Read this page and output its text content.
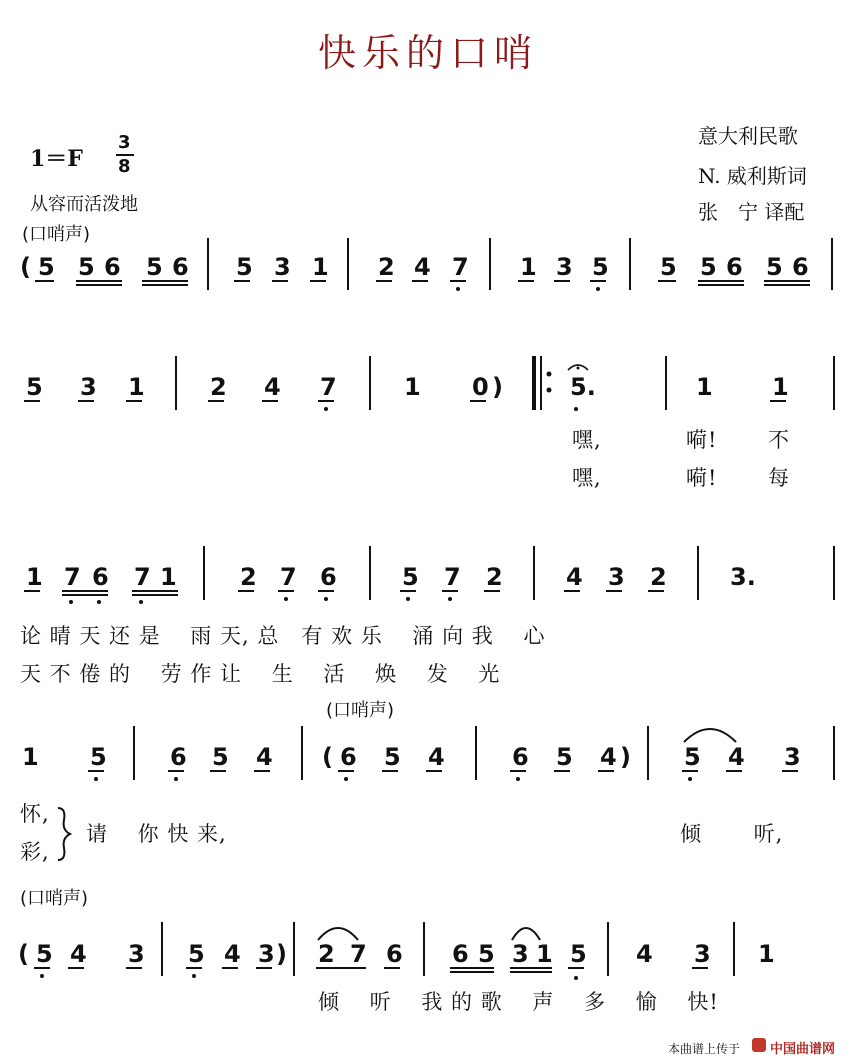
快乐的口哨
1＝F
3
8
从容而活泼地
(口哨声)
意大利民歌
N. 威利斯词
张　宁 译配
( 5 5 6 5 6 5 3 1 2 4 7 1 3 5 5 5 6 5 6
5 3 1	2 4 7	1 0 )	5.	1 1
1 7 6 7 1	2 7 6	5 7 2	4 3 2	3.
1 5	6 5 4 ( 6 5 4	6 5 4 ) 5 4 3
( 5 4 3 5 4 3 ) 2 7 6 6 5 3 1 5 4 3 1
嘿,	嗬! 不
嘿,	嗬! 每
论 晴 天 还 是　 雨 天, 总　有 欢 乐　 涌 向 我　 心
天 不 倦 的　 劳 作 让　 生　 活　 焕　 发　 光
(口哨声)
怀,
彩,
请　 你 快 来,	倾　　 听,
(口哨声)
倾　 听　 我 的 歌　 声　 多　 愉　 快!
本曲谱上传于 中国曲谱网
